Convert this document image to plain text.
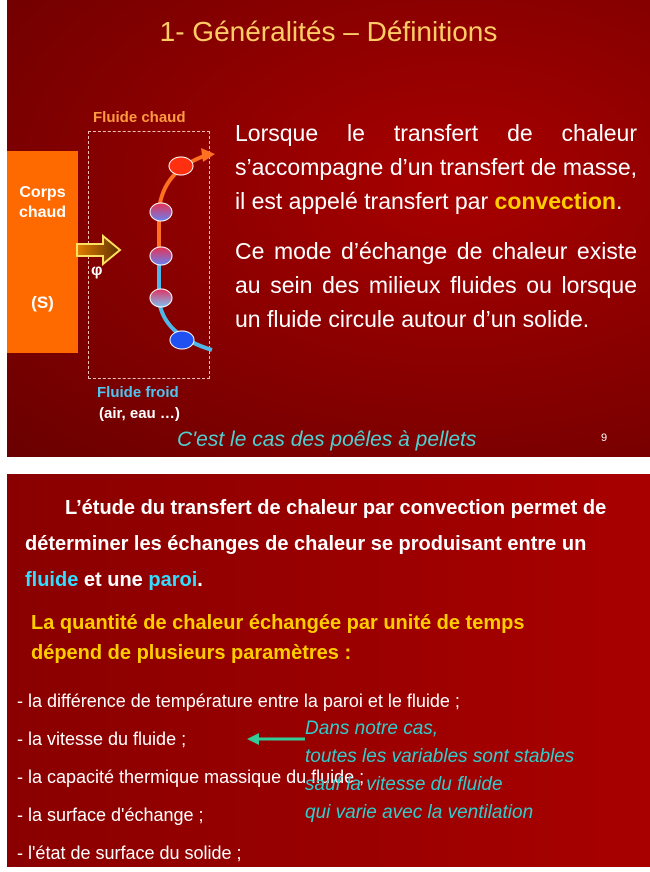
1- Généralités – Définitions
Corps chaud
(S)
Fluide chaud
φ
Fluide froid
(air, eau …)

Lorsque le transfert de chaleur s’accompagne d’un transfert de masse, il est appelé transfert par convection.

Ce mode d’échange de chaleur existe au sein des milieux fluides ou lorsque un fluide circule autour d’un solide.

C'est le cas des poêles à pellets	9
L’étude du transfert de chaleur par convection permet de déterminer les échanges de chaleur se produisant entre un fluide et une paroi.
La quantité de chaleur échangée par unité de temps dépend de plusieurs paramètres :
- la différence de température entre la paroi et le fluide ;
- la vitesse du fluide ;
- la capacité thermique massique du fluide ;
- la surface d'échange ;
- l'état de surface du solide ;
Dans notre cas,
toutes les variables sont stables
sauf la vitesse du fluide
qui varie avec la ventilation
